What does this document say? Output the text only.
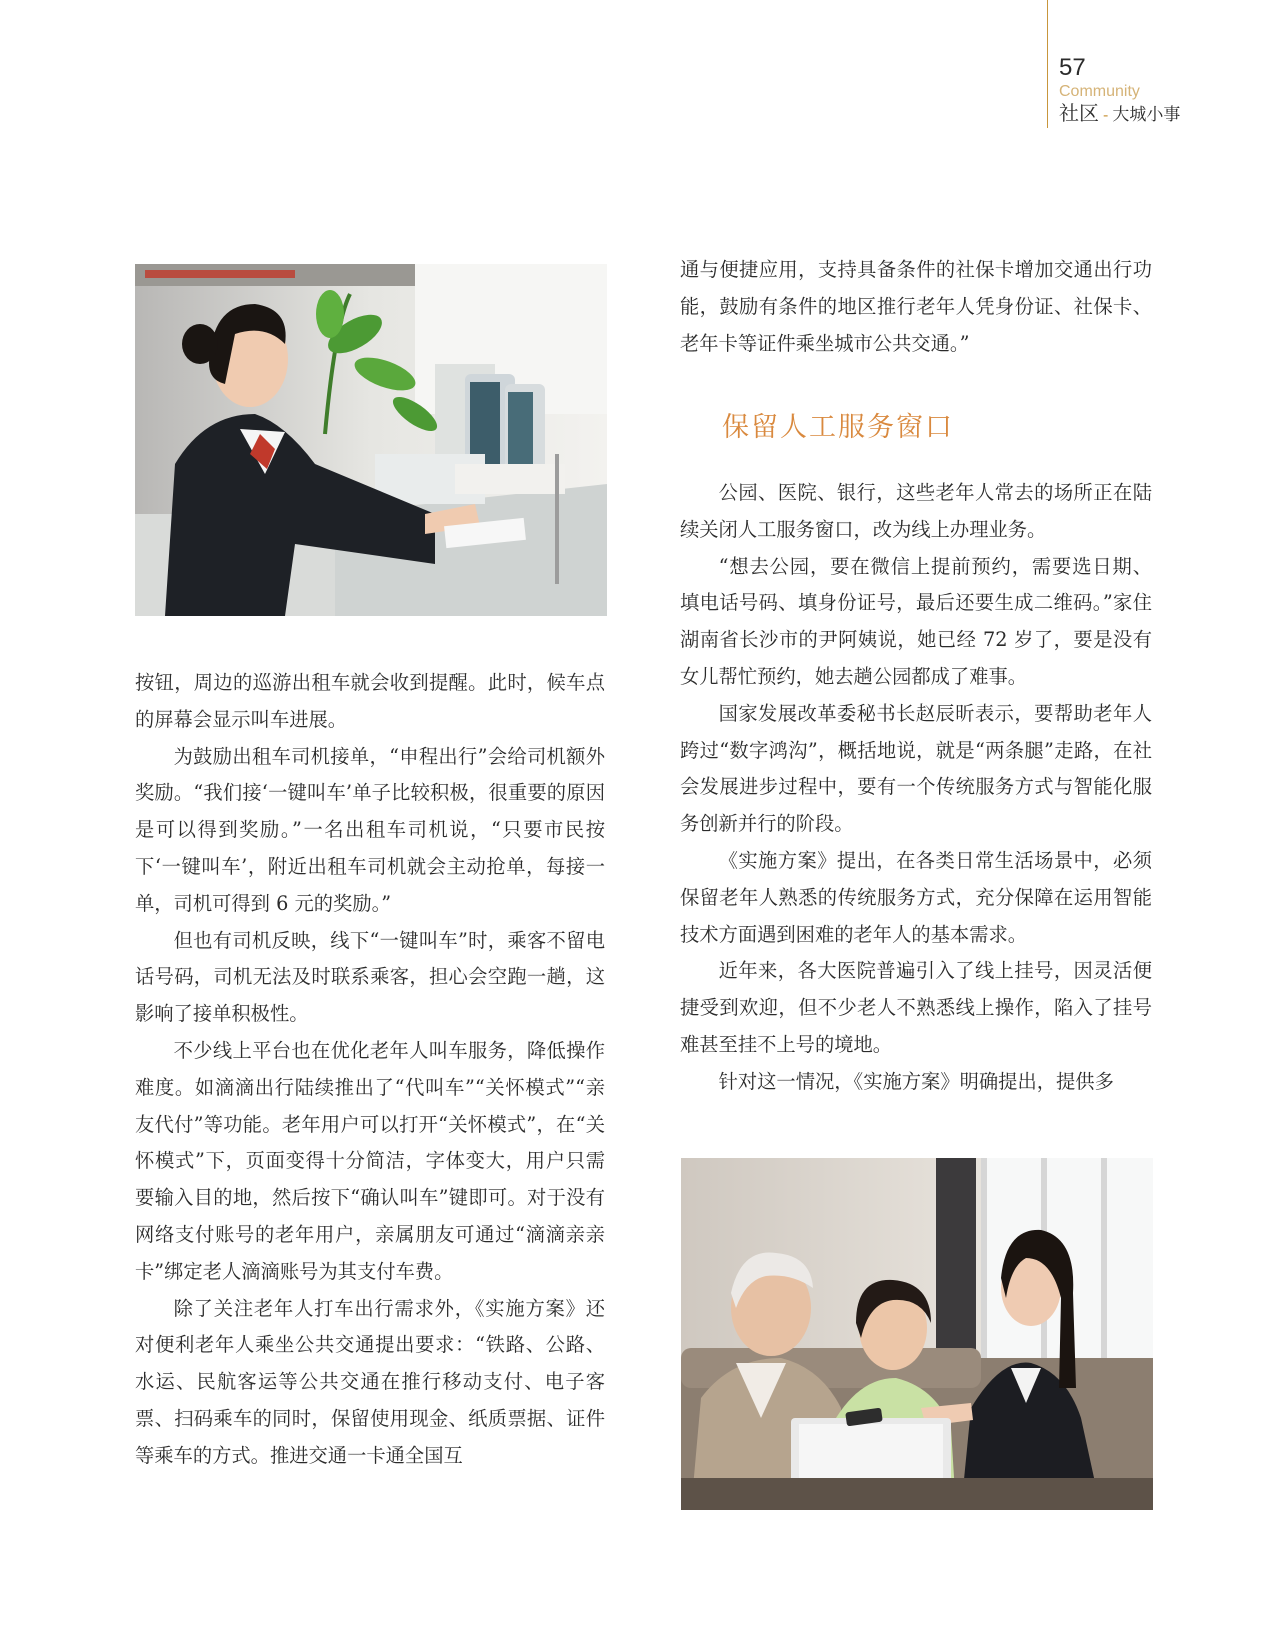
57
Community
社区 - 大城小事

按钮，周边的巡游出租车就会收到提醒。此时，候车点的屏幕会显示叫车进展。

为鼓励出租车司机接单，“申程出行”会给司机额外奖励。“我们接‘一键叫车’单子比较积极，很重要的原因是可以得到奖励。”一名出租车司机说，“只要市民按下‘一键叫车’，附近出租车司机就会主动抢单，每接一单，司机可得到 6 元的奖励。”

但也有司机反映，线下“一键叫车”时，乘客不留电话号码，司机无法及时联系乘客，担心会空跑一趟，这影响了接单积极性。

不少线上平台也在优化老年人叫车服务，降低操作难度。如滴滴出行陆续推出了“代叫车”“关怀模式”“亲友代付”等功能。老年用户可以打开“关怀模式”，在“关怀模式”下，页面变得十分简洁，字体变大，用户只需要输入目的地，然后按下“确认叫车”键即可。对于没有网络支付账号的老年用户，亲属朋友可通过“滴滴亲亲卡”绑定老人滴滴账号为其支付车费。

除了关注老年人打车出行需求外，《实施方案》还对便利老年人乘坐公共交通提出要求：“铁路、公路、水运、民航客运等公共交通在推行移动支付、电子客票、扫码乘车的同时，保留使用现金、纸质票据、证件等乘车的方式。推进交通一卡通全国互

通与便捷应用，支持具备条件的社保卡增加交通出行功能，鼓励有条件的地区推行老年人凭身份证、社保卡、老年卡等证件乘坐城市公共交通。”

保留人工服务窗口

公园、医院、银行，这些老年人常去的场所正在陆续关闭人工服务窗口，改为线上办理业务。

“想去公园，要在微信上提前预约，需要选日期、填电话号码、填身份证号，最后还要生成二维码。”家住湖南省长沙市的尹阿姨说，她已经 72 岁了，要是没有女儿帮忙预约，她去趟公园都成了难事。

国家发展改革委秘书长赵辰昕表示，要帮助老年人跨过“数字鸿沟”，概括地说，就是“两条腿”走路，在社会发展进步过程中，要有一个传统服务方式与智能化服务创新并行的阶段。

《实施方案》提出，在各类日常生活场景中，必须保留老年人熟悉的传统服务方式，充分保障在运用智能技术方面遇到困难的老年人的基本需求。

近年来，各大医院普遍引入了线上挂号，因灵活便捷受到欢迎，但不少老人不熟悉线上操作，陷入了挂号难甚至挂不上号的境地。

针对这一情况，《实施方案》明确提出，提供多
